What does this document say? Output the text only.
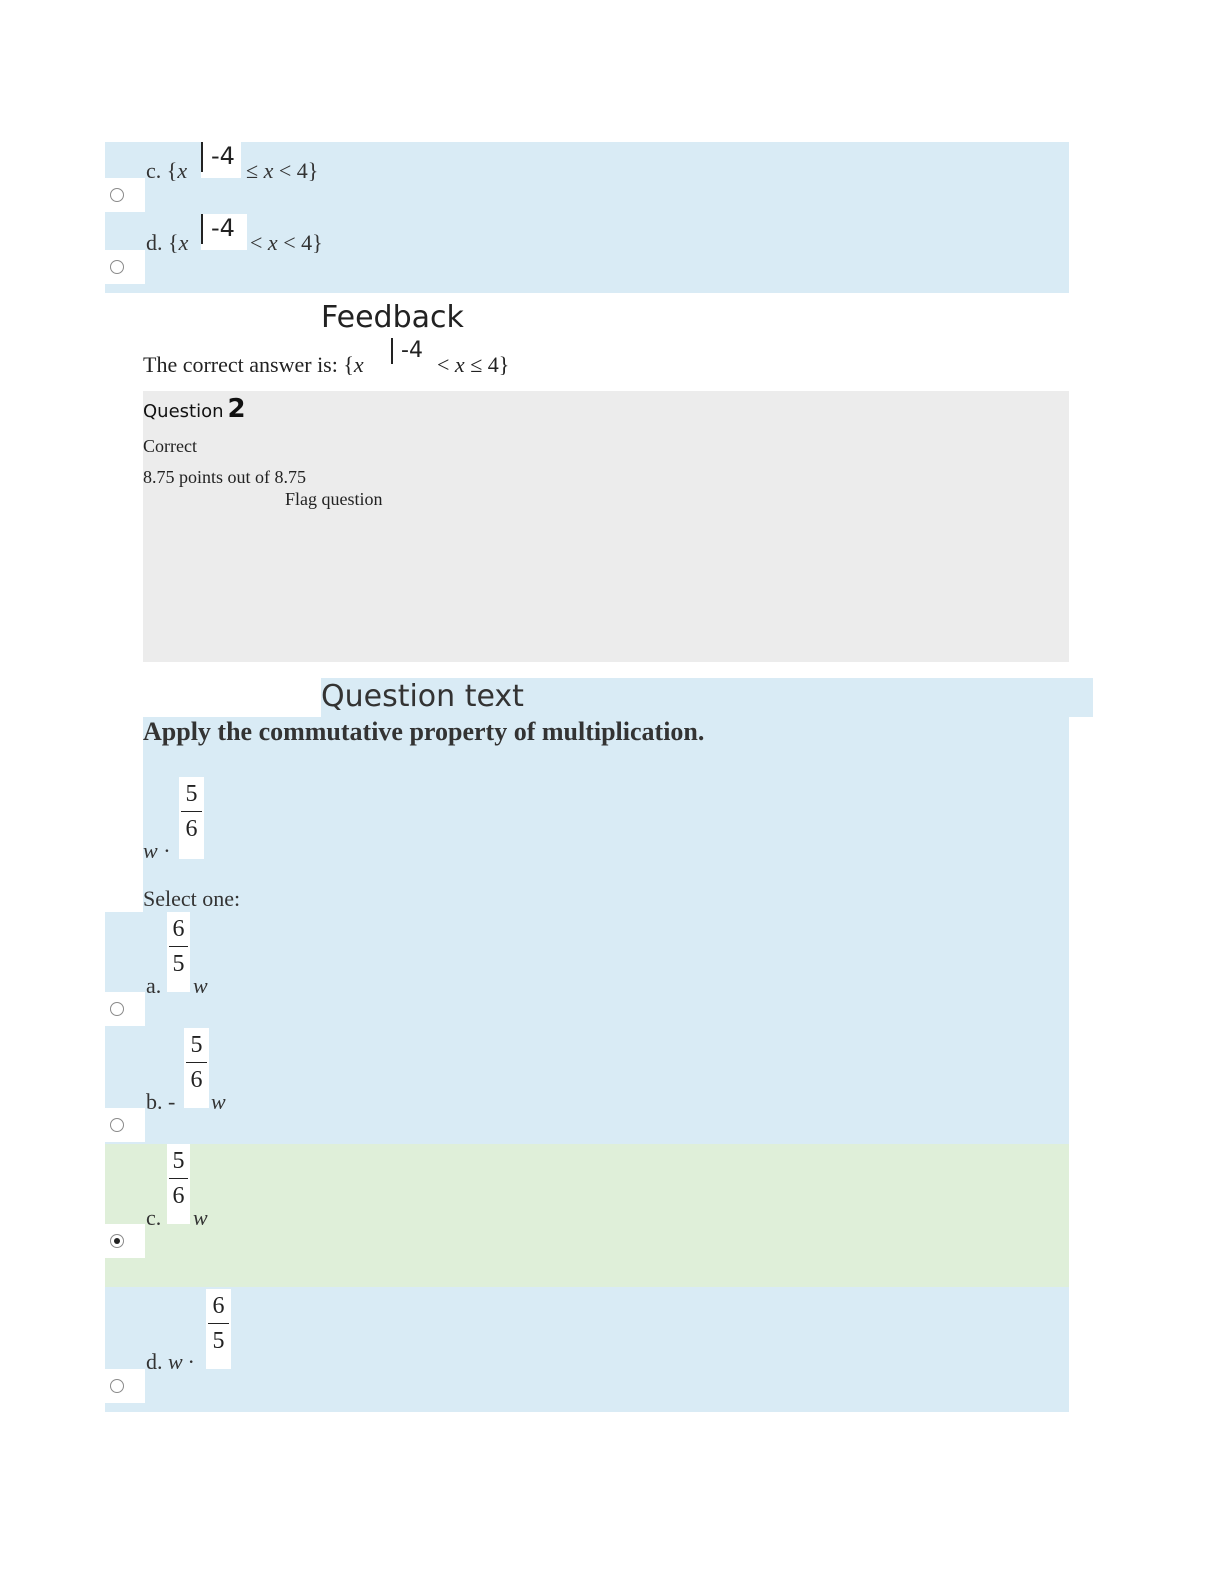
c. {x
-4
≤ x < 4}
d. {x
-4
< x < 4}
Feedback
The correct answer is: {x
-4
< x ≤ 4}
Question 2
Correct
8.75 points out of 8.75
Flag question
Question text
Apply the commutative property of multiplication.
w ·
5
6
Select one:
a.
6
5
w
b. -
5
6
w
c.
5
6
w
d. w ·
6
5
